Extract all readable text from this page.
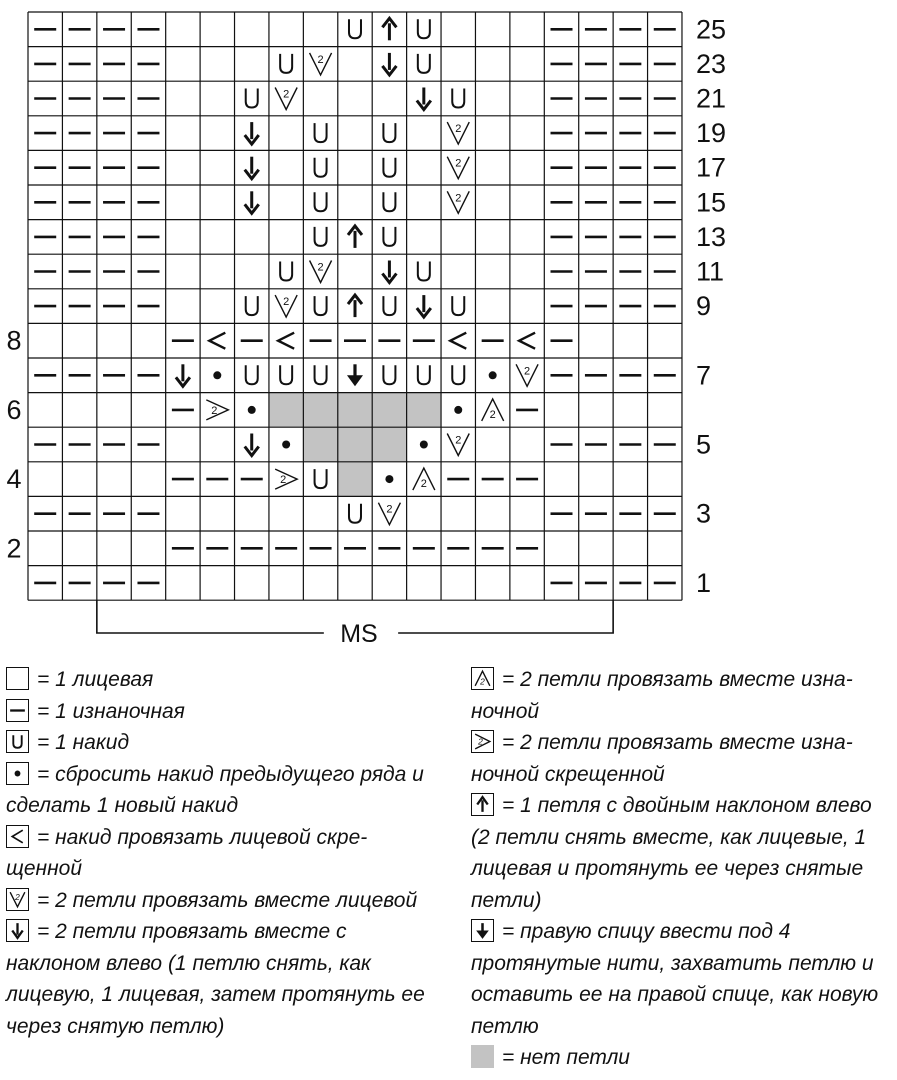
2
2
2
2
2
2
2
2
2	2
2
2	2
2
25
23
21
19
17
15
13
11
9
7
5
3
1
8
6
4
2
MS
= 1 лицевая
= 1 изнаночная
= 1 накид
= сбросить накид предыдущего ряда и сделать 1 новый накид
= накид провязать лицевой скре-щенной
2 = 2 петли провязать вместе лицевой
= 2 петли провязать вместе с наклоном влево (1 петлю снять, как лицевую, 1 лицевая, затем протянуть ее через снятую петлю)
2 = 2 петли провязать вместе изна-ночной
2 = 2 петли провязать вместе изна-ночной скрещенной
= 1 петля с двойным наклоном влево (2 петли снять вместе, как лицевые, 1 лицевая и протянуть ее через снятые петли)
= правую спицу ввести под 4 протянутые нити, захватить петлю и оставить ее на правой спице, как новую петлю
= нет петли
